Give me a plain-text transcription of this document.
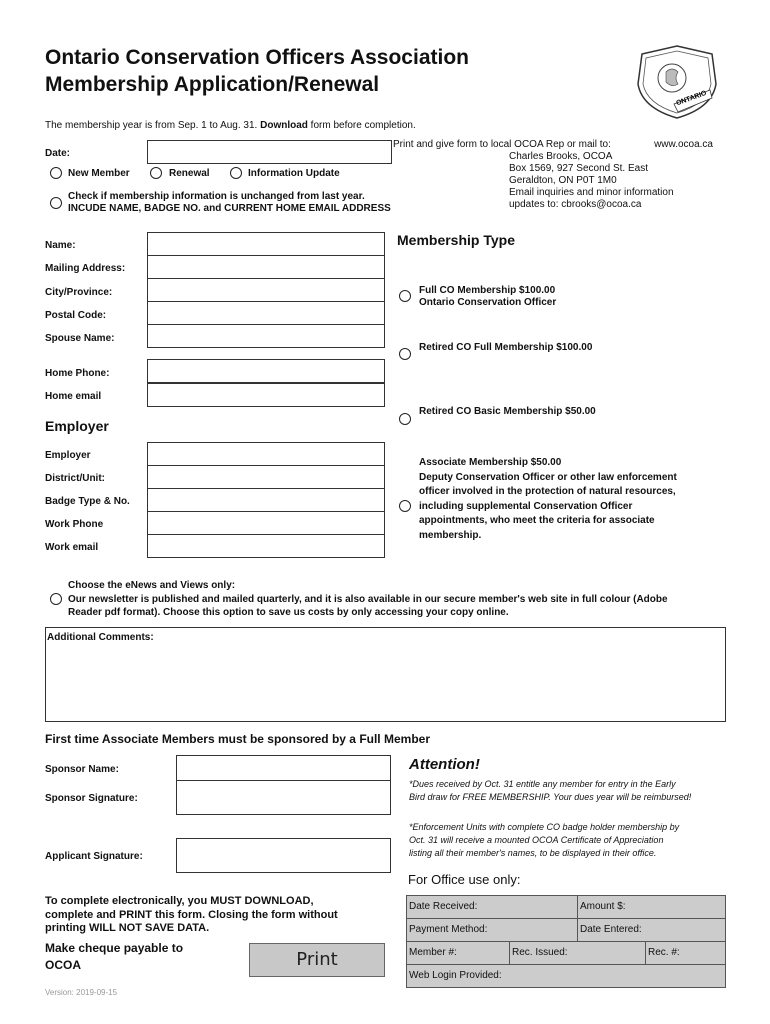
Ontario Conservation Officers Association
Membership Application/Renewal
ONTARIO
The membership year is from Sep. 1 to Aug. 31. Download form before completion.
Print and give form to local OCOA Rep or mail to:	www.ocoa.ca
Charles Brooks, OCOA
Box 1569, 927 Second St. East
Geraldton, ON P0T 1M0
Email inquiries and minor information
updates to: cbrooks@ocoa.ca
Date:
New Member	Renewal	Information Update
Check if membership information is unchanged from last year.
INCUDE NAME, BADGE NO. and CURRENT HOME EMAIL ADDRESS
Name:
Mailing Address:
City/Province:
Postal Code:
Spouse Name:
Home Phone:
Home email
Employer
Employer
District/Unit:
Badge Type & No.
Work Phone
Work email
Membership Type
Full CO Membership $100.00
Ontario Conservation Officer
Retired CO Full Membership $100.00
Retired CO Basic Membership $50.00
Associate Membership $50.00
Deputy Conservation Officer or other law enforcement
officer involved in the protection of natural resources,
including supplemental Conservation Officer
appointments, who meet the criteria for associate
membership.
Choose the eNews and Views only:
Our newsletter is published and mailed quarterly, and it is also available in our secure member's web site in full colour (Adobe
Reader pdf format). Choose this option to save us costs by only accessing your copy online.
Additional Comments:
First time Associate Members must be sponsored by a Full Member
Sponsor Name:
Sponsor Signature:
Applicant Signature:
Attention!
*Dues received by Oct. 31 entitle any member for entry in the Early
Bird draw for FREE MEMBERSHIP. Your dues year will be reimbursed!
*Enforcement Units with complete CO badge holder membership by
Oct. 31 will receive a mounted OCOA Certificate of Appreciation
listing all their member's names, to be displayed in their office.
For Office use only:
Date Received:	Amount $:
Payment Method:	Date Entered:
Member #:	Rec. Issued:	Rec. #:
Web Login Provided:
To complete electronically, you MUST DOWNLOAD,
complete and PRINT this form. Closing the form without
printing WILL NOT SAVE DATA.
Make cheque payable to
OCOA	Print
Version: 2019-09-15
